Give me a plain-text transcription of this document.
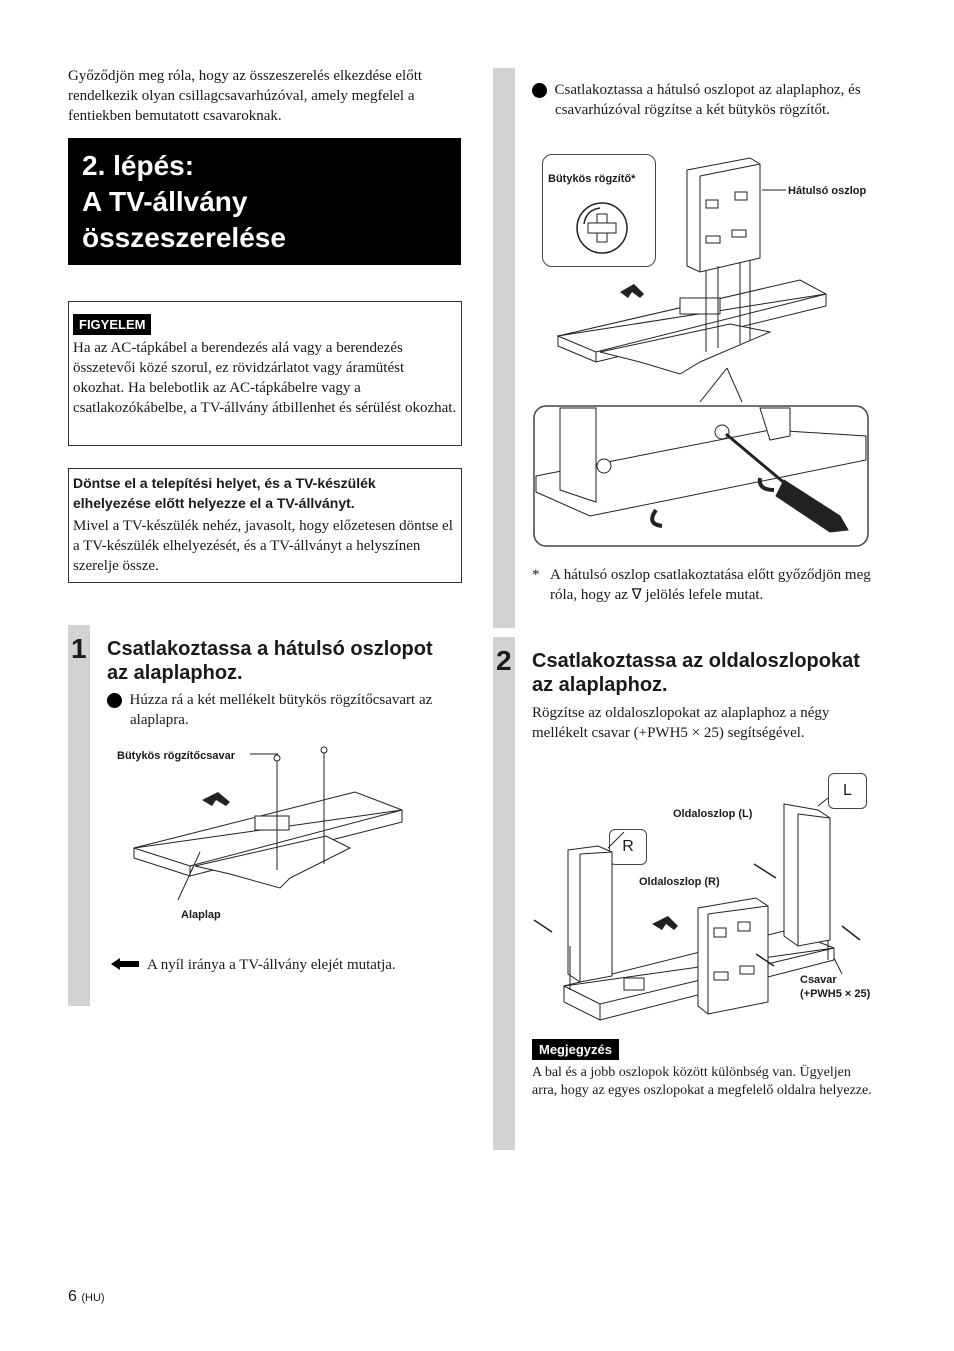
Győződjön meg róla, hogy az összeszerelés elkezdése előtt rendelkezik olyan csillagcsavarhúzóval, amely megfelel a fentiekben bemutatott csavaroknak.
2. lépés:
A TV-állvány
összeszerelése
FIGYELEM
Ha az AC-tápkábel a berendezés alá vagy a berendezés összetevői közé szorul, ez rövidzárlatot vagy áramütést okozhat. Ha belebotlik az AC-tápkábelre vagy a csatlakozókábelbe, a TV-állvány átbillenhet és sérülést okozhat.
Döntse el a telepítési helyet, és a TV-készülék elhelyezése előtt helyezze el a TV-állványt.
Mivel a TV-készülék nehéz, javasolt, hogy előzetesen döntse el a TV-készülék elhelyezését, és a TV-állványt a helyszínen szerelje össze.
1 Csatlakoztassa a hátulsó oszlopot az alaplaphoz.
1 Húzza rá a két mellékelt bütykös rögzítőcsavart az alaplapra.
Bütykös rögzítőcsavar
Alaplap
A nyíl iránya a TV-állvány elejét mutatja.
2 Csatlakoztassa a hátulsó oszlopot az alaplaphoz, és csavarhúzóval rögzítse a két bütykös rögzítőt.
Bütykös rögzítő*
Hátulsó oszlop
* A hátulsó oszlop csatlakoztatása előtt győződjön meg róla, hogy az ∇ jelölés lefele mutat.
2 Csatlakoztassa az oldaloszlopokat az alaplaphoz.
Rögzítse az oldaloszlopokat az alaplaphoz a négy mellékelt csavar (+PWH5 × 25) segítségével.
L
R
Oldaloszlop (L)
Oldaloszlop (R)
Csavar
(+PWH5 × 25)
Megjegyzés
A bal és a jobb oszlopok között különbség van. Ügyeljen arra, hogy az egyes oszlopokat a megfelelő oldalra helyezze.
6 (HU)
